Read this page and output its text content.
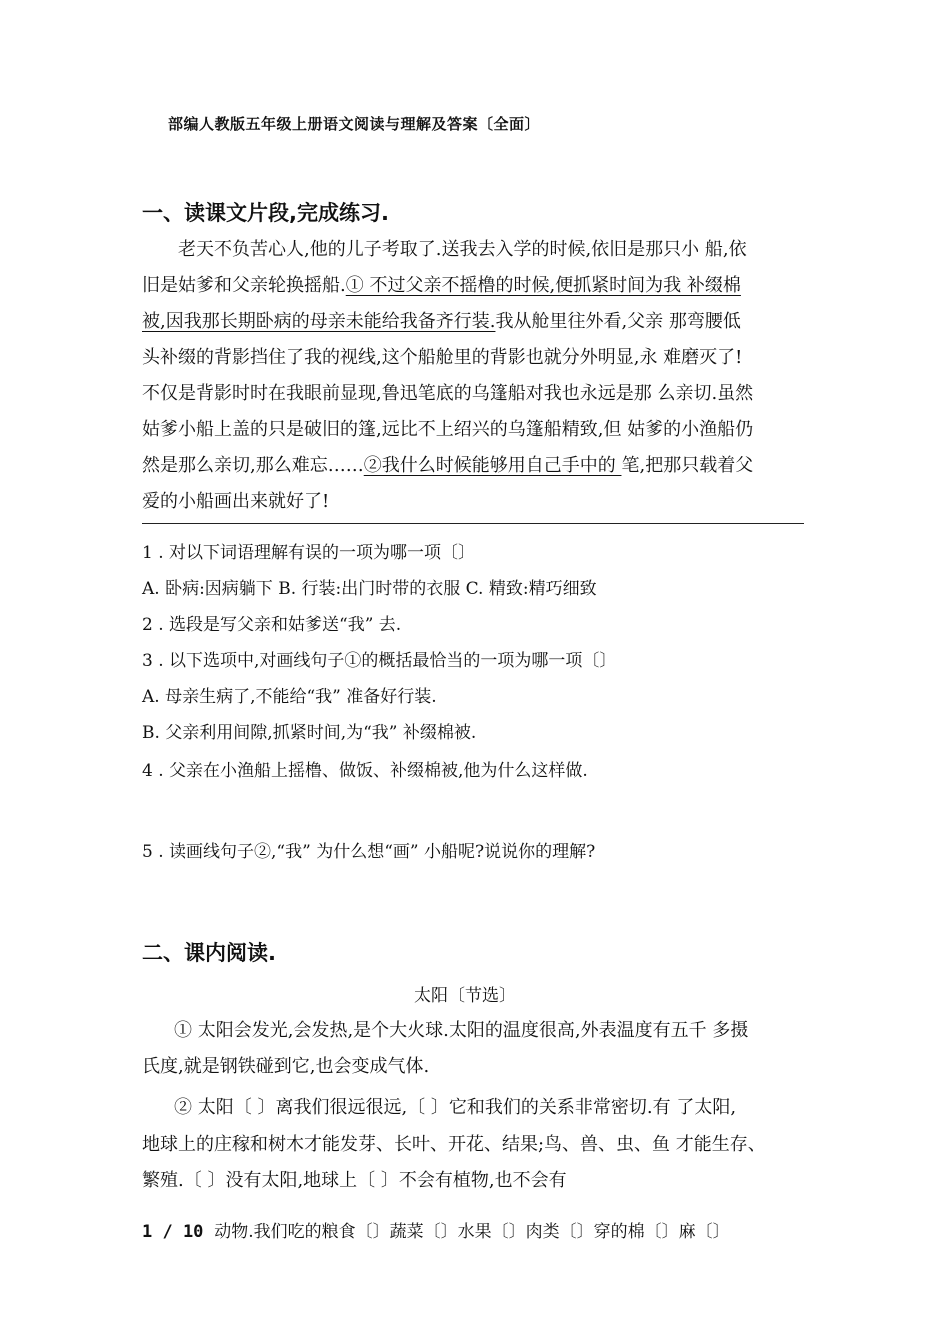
部编人教版五年级上册语文阅读与理解及答案〔全面〕
一、读课文片段,完成练习.
老天不负苦心人,他的儿子考取了.送我去入学的时候,依旧是那只小 船,依
旧是姑爹和父亲轮换摇船.① 不过父亲不摇橹的时候,便抓紧时间为我 补缀棉
被,因我那长期卧病的母亲未能给我备齐行装.我从舱里往外看,父亲 那弯腰低
头补缀的背影挡住了我的视线,这个船舱里的背影也就分外明显,永 难磨灭了!
不仅是背影时时在我眼前显现,鲁迅笔底的乌篷船对我也永远是那 么亲切.虽然
姑爹小船上盖的只是破旧的篷,远比不上绍兴的乌篷船精致,但 姑爹的小渔船仍
然是那么亲切,那么难忘……②我什么时候能够用自己手中的 笔,把那只载着父
爱的小船画出来就好了!
1 . 对以下词语理解有误的一项为哪一项〔〕
A. 卧病:因病躺下 B. 行装:出门时带的衣服 C. 精致:精巧细致
2 . 选段是写父亲和姑爹送“我” 去.
3 . 以下选项中,对画线句子①的概括最恰当的一项为哪一项〔〕
A. 母亲生病了,不能给“我” 准备好行装.
B. 父亲利用间隙,抓紧时间,为“我” 补缀棉被.
4 . 父亲在小渔船上摇橹、做饭、补缀棉被,他为什么这样做.
5 . 读画线句子②,“我” 为什么想“画” 小船呢?说说你的理解?
二、课内阅读.
太阳〔节选〕
① 太阳会发光,会发热,是个大火球.太阳的温度很高,外表温度有五千 多摄
氏度,就是钢铁碰到它,也会变成气体.
② 太阳〔 〕离我们很远很远,〔 〕它和我们的关系非常密切.有 了太阳,
地球上的庄稼和树木才能发芽、长叶、开花、结果;鸟、兽、虫、鱼 才能生存、
繁殖.〔 〕没有太阳,地球上〔 〕不会有植物,也不会有
1 / 10 动物.我们吃的粮食〔〕蔬菜〔〕水果〔〕肉类〔〕穿的棉〔〕麻〔〕
